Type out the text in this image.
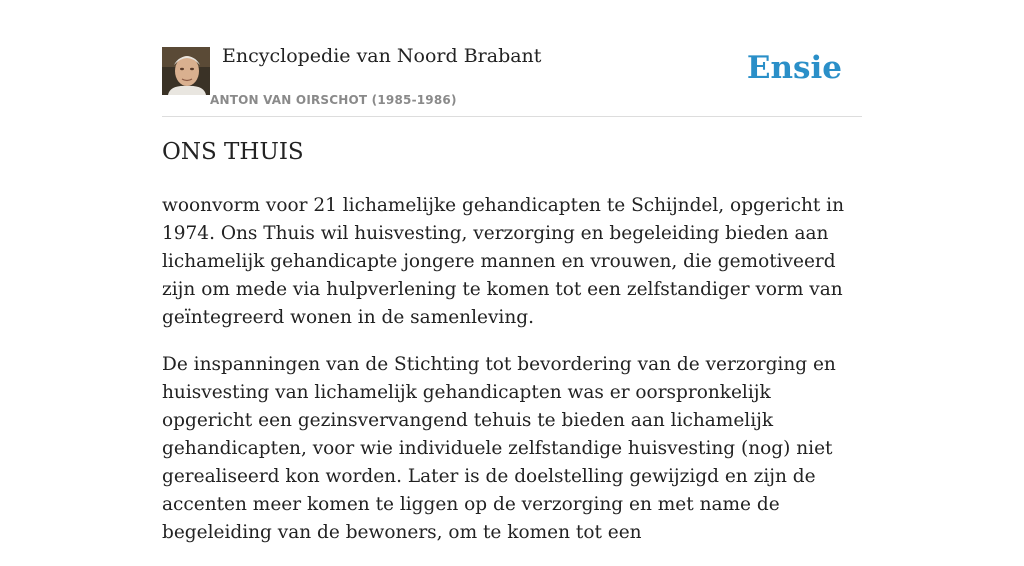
Encyclopedie van Noord Brabant
ANTON VAN OIRSCHOT (1985-1986)
Ensie
ONS THUIS

woonvorm voor 21 lichamelijke gehandicapten te Schijndel, opgericht in 1974. Ons Thuis wil huisvesting, verzorging en begeleiding bieden aan lichamelijk gehandicapte jongere mannen en vrouwen, die gemotiveerd zijn om mede via hulpverlening te komen tot een zelfstandiger vorm van geïntegreerd wonen in de samenleving.

De inspanningen van de Stichting tot bevordering van de verzorging en huisvesting van lichamelijk gehandicapten was er oorspronkelijk opgericht een gezinsvervangend tehuis te bieden aan lichamelijk gehandicapten, voor wie individuele zelfstandige huisvesting (nog) niet gerealiseerd kon worden. Later is de doelstelling gewijzigd en zijn de accenten meer komen te liggen op de verzorging en met name de begeleiding van de bewoners, om te komen tot een
